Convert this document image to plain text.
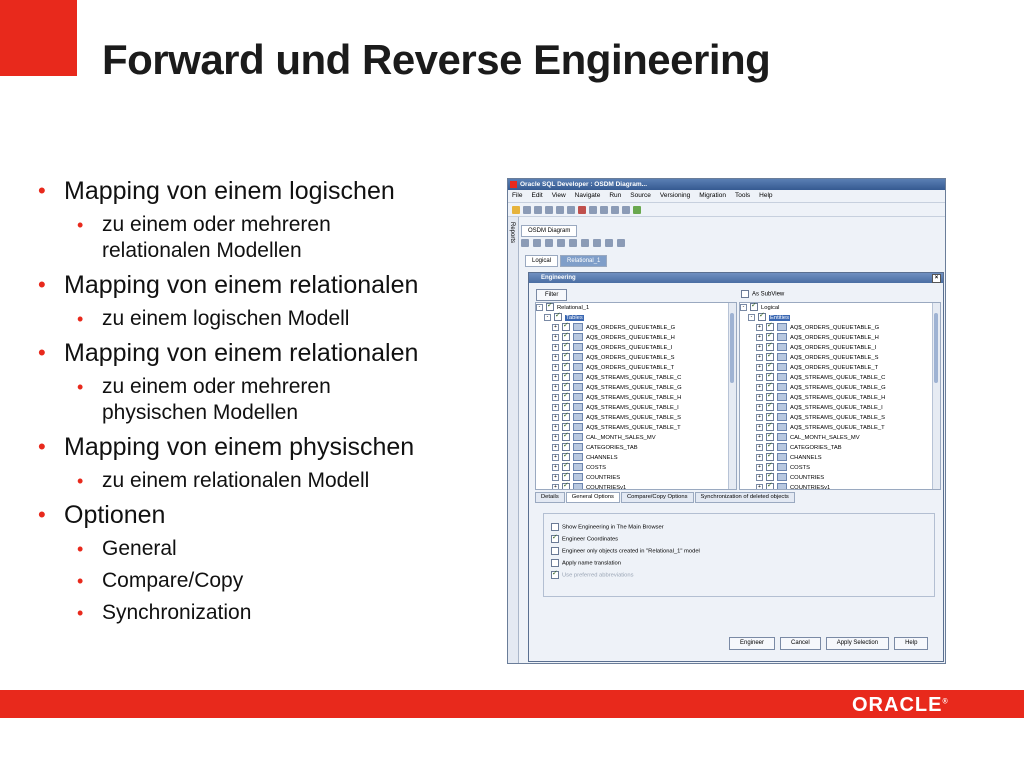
Forward und Reverse Engineering
• Mapping von einem logischen
• zu einem oder mehreren
relationalen Modellen
• Mapping von einem relationalen
• zu einem logischen Modell
• Mapping von einem relationalen
• zu einem oder mehreren
physischen Modellen
• Mapping von einem physischen
• zu einem relationalen Modell
• Optionen
• General
• Compare/Copy
• Synchronization
Oracle SQL Developer : OSDM Diagram...
File Edit View Navigate Run Source Versioning Migration Tools Help
Reports	OSDM Diagram
Logical	Relational_1
Engineering	×
Filter	As SubView
- ✓	Relational_1
- ✓	Tables
+ ✓	AQ$_ORDERS_QUEUETABLE_G
+ ✓	AQ$_ORDERS_QUEUETABLE_H
+ ✓	AQ$_ORDERS_QUEUETABLE_I
+ ✓	AQ$_ORDERS_QUEUETABLE_S
+ ✓	AQ$_ORDERS_QUEUETABLE_T
+ ✓	AQ$_STREAMS_QUEUE_TABLE_C
+ ✓	AQ$_STREAMS_QUEUE_TABLE_G
+ ✓	AQ$_STREAMS_QUEUE_TABLE_H
+ ✓	AQ$_STREAMS_QUEUE_TABLE_I
+ ✓	AQ$_STREAMS_QUEUE_TABLE_S
+ ✓	AQ$_STREAMS_QUEUE_TABLE_T
+ ✓	CAL_MONTH_SALES_MV
+ ✓	CATEGORIES_TAB
+ ✓	CHANNELS
+ ✓	COSTS
+ ✓	COUNTRIES
+ ✓	COUNTRIESv1
- ✓	Logical
- ✓	Entities
+ ✓	AQ$_ORDERS_QUEUETABLE_G
+ ✓	AQ$_ORDERS_QUEUETABLE_H
+ ✓	AQ$_ORDERS_QUEUETABLE_I
+ ✓	AQ$_ORDERS_QUEUETABLE_S
+ ✓	AQ$_ORDERS_QUEUETABLE_T
+ ✓	AQ$_STREAMS_QUEUE_TABLE_C
+ ✓	AQ$_STREAMS_QUEUE_TABLE_G
+ ✓	AQ$_STREAMS_QUEUE_TABLE_H
+ ✓	AQ$_STREAMS_QUEUE_TABLE_I
+ ✓	AQ$_STREAMS_QUEUE_TABLE_S
+ ✓	AQ$_STREAMS_QUEUE_TABLE_T
+ ✓	CAL_MONTH_SALES_MV
+ ✓	CATEGORIES_TAB
+ ✓	CHANNELS
+ ✓	COSTS
+ ✓	COUNTRIES
+ ✓	COUNTRIESv1
Details	General Options	Compare/Copy Options	Synchronization of deleted objects
Show Engineering in The Main Browser
✓Engineer Coordinates
Engineer only objects created in "Relational_1" model
Apply name translation
✓Use preferred abbreviations
Engineer	Cancel	Apply Selection	Help
ORACLE®
